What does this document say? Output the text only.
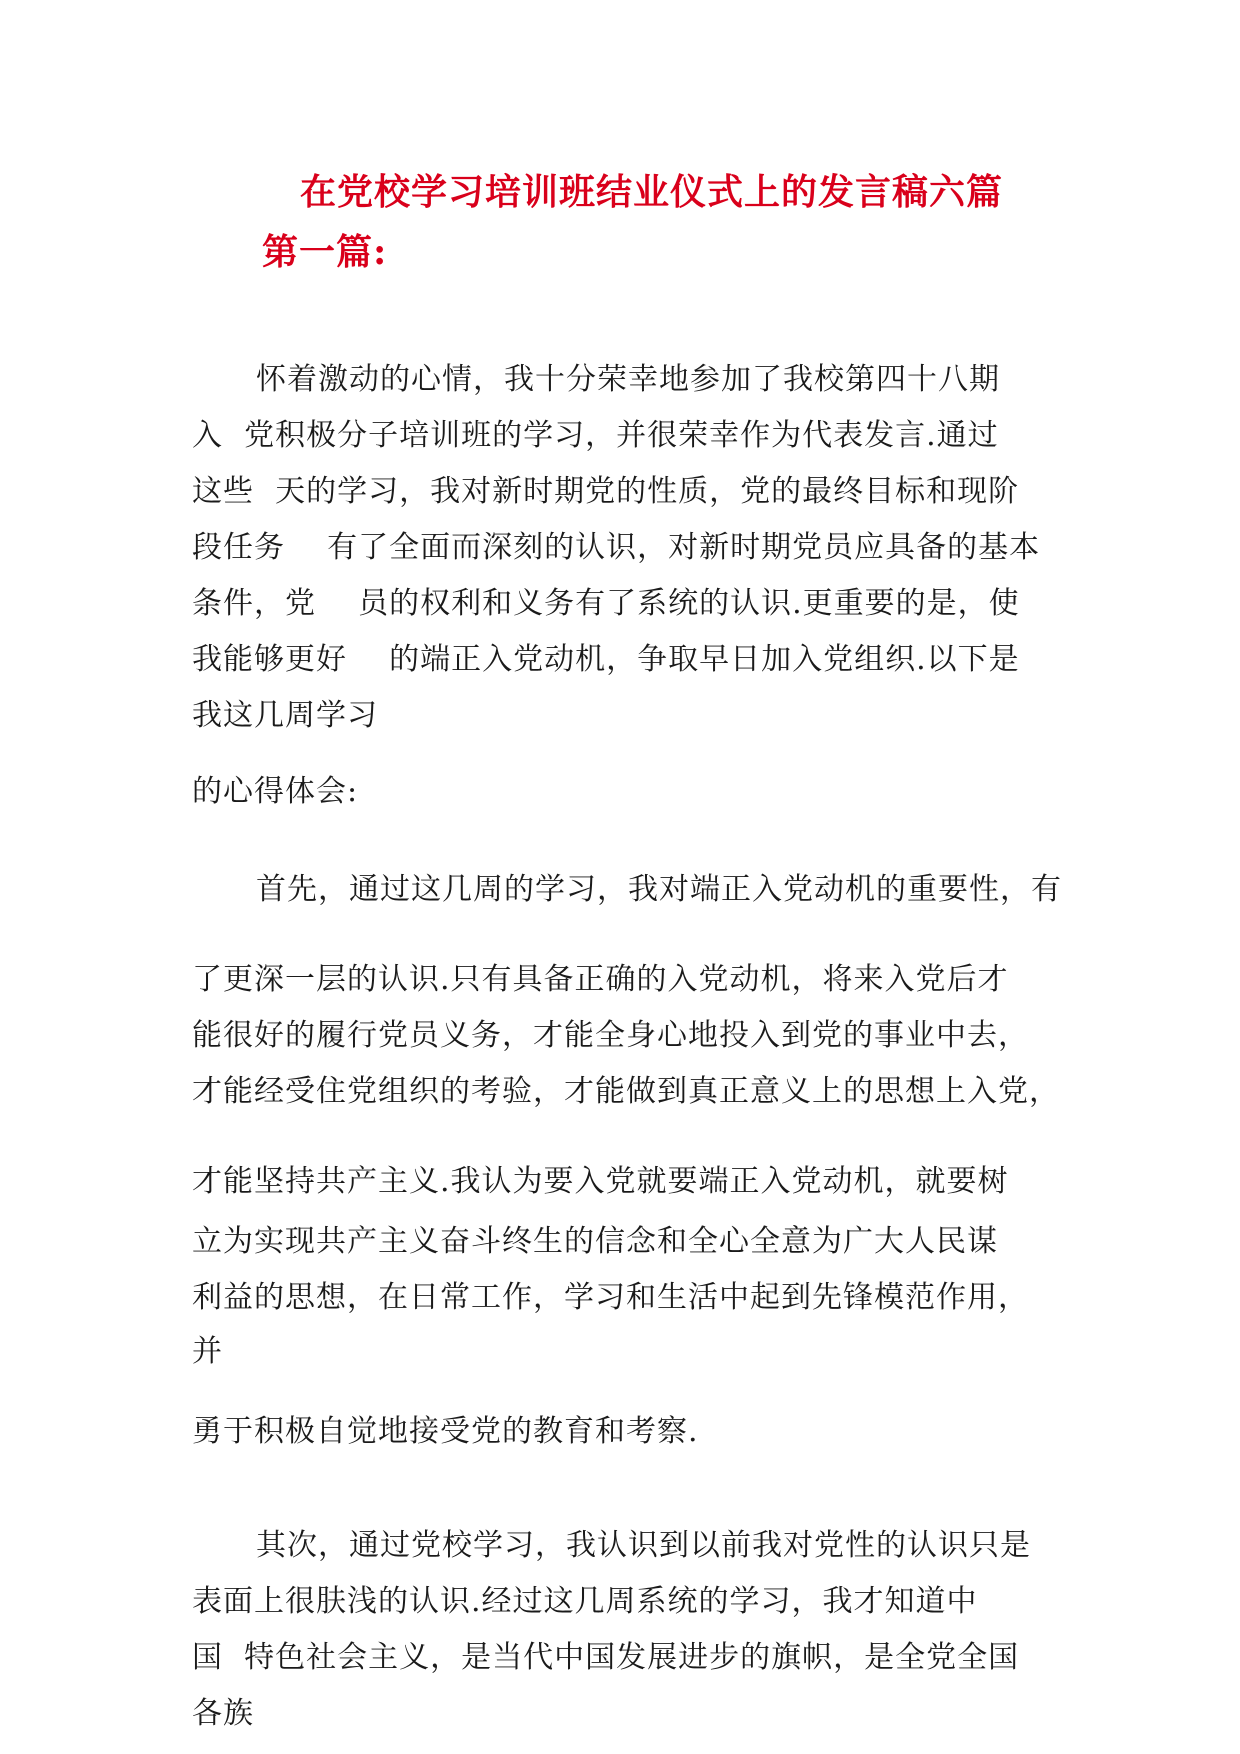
在党校学习培训班结业仪式上的发言稿六篇
第一篇:

怀着激动的心情，我十分荣幸地参加了我校第四十八期

入  党积极分子培训班的学习，并很荣幸作为代表发言.通过

这些  天的学习，我对新时期党的性质，党的最终目标和现阶

段任务    有了全面而深刻的认识，对新时期党员应具备的基本

条件，党    员的权利和义务有了系统的认识.更重要的是，使

我能够更好    的端正入党动机，争取早日加入党组织.以下是

我这几周学习

的心得体会:

首先，通过这几周的学习，我对端正入党动机的重要性，有

了更深一层的认识.只有具备正确的入党动机，将来入党后才

能很好的履行党员义务，才能全身心地投入到党的事业中去，

才能经受住党组织的考验，才能做到真正意义上的思想上入党，

才能坚持共产主义.我认为要入党就要端正入党动机，就要树

立为实现共产主义奋斗终生的信念和全心全意为广大人民谋

利益的思想，在日常工作，学习和生活中起到先锋模范作用，

并

勇于积极自觉地接受党的教育和考察.

其次，通过党校学习，我认识到以前我对党性的认识只是

表面上很肤浅的认识.经过这几周系统的学习，我才知道中

国  特色社会主义，是当代中国发展进步的旗帜，是全党全国

各族
